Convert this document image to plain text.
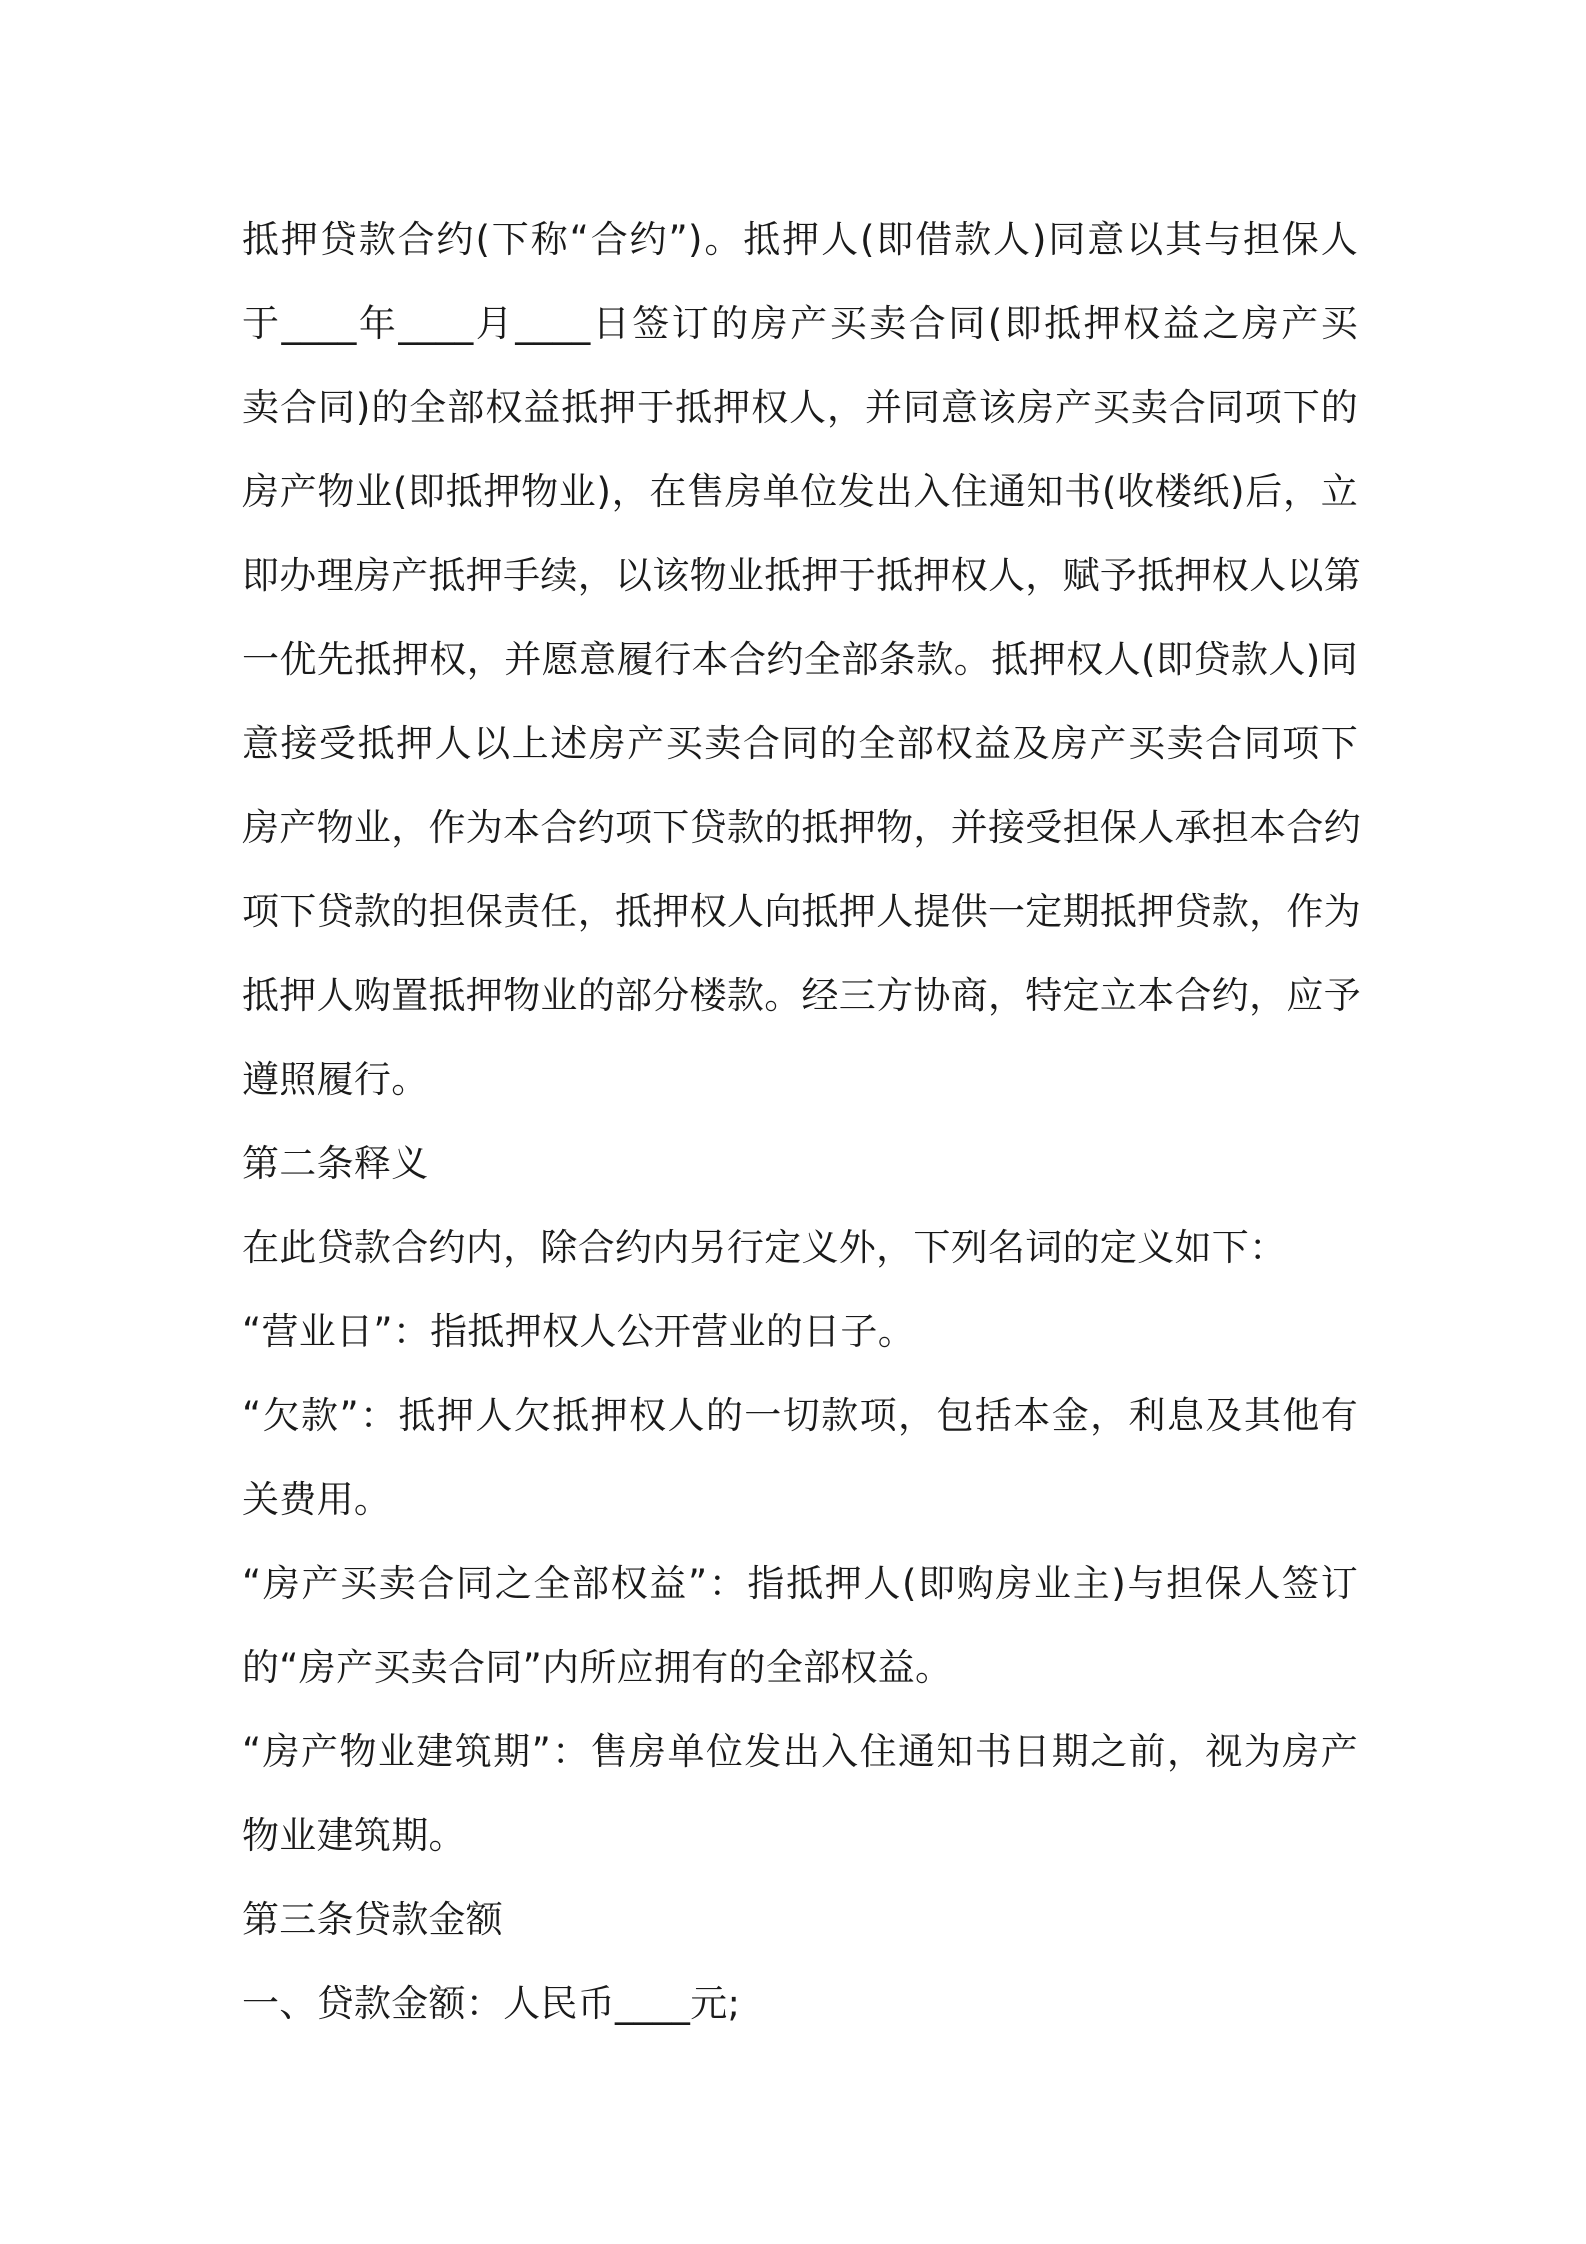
抵押贷款合约(下称“合约”)。抵押人(即借款人)同意以其与担保人
于____年____月____日签订的房产买卖合同(即抵押权益之房产买
卖合同)的全部权益抵押于抵押权人，并同意该房产买卖合同项下的
房产物业(即抵押物业)，在售房单位发出入住通知书(收楼纸)后，立
即办理房产抵押手续，以该物业抵押于抵押权人，赋予抵押权人以第
一优先抵押权，并愿意履行本合约全部条款。抵押权人(即贷款人)同
意接受抵押人以上述房产买卖合同的全部权益及房产买卖合同项下
房产物业，作为本合约项下贷款的抵押物，并接受担保人承担本合约
项下贷款的担保责任，抵押权人向抵押人提供一定期抵押贷款，作为
抵押人购置抵押物业的部分楼款。经三方协商，特定立本合约，应予
遵照履行。
第二条释义
在此贷款合约内，除合约内另行定义外，下列名词的定义如下：
“营业日”：指抵押权人公开营业的日子。
“欠款”：抵押人欠抵押权人的一切款项，包括本金，利息及其他有
关费用。
“房产买卖合同之全部权益”：指抵押人(即购房业主)与担保人签订
的“房产买卖合同”内所应拥有的全部权益。
“房产物业建筑期”：售房单位发出入住通知书日期之前，视为房产
物业建筑期。
第三条贷款金额
一、贷款金额：人民币____元;
